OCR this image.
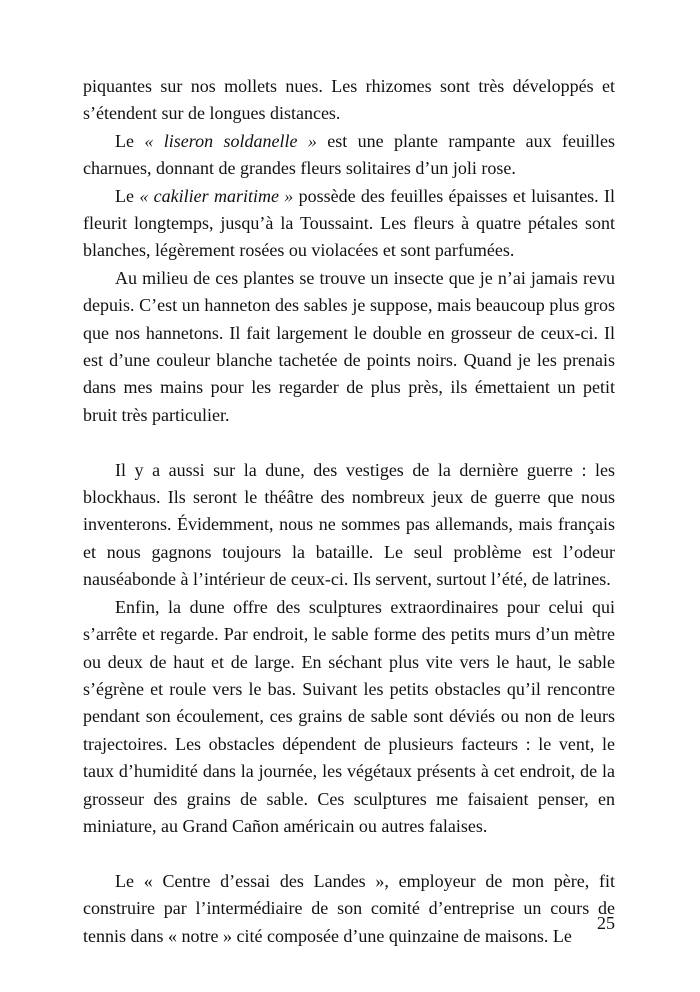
piquantes sur nos mollets nues. Les rhizomes sont très développés et s’étendent sur de longues distances.

Le « liseron soldanelle » est une plante rampante aux feuilles charnues, donnant de grandes fleurs solitaires d’un joli rose.

Le « cakilier maritime » possède des feuilles épaisses et luisantes. Il fleurit longtemps, jusqu’à la Toussaint. Les fleurs à quatre pétales sont blanches, légèrement rosées ou violacées et sont parfumées.

Au milieu de ces plantes se trouve un insecte que je n’ai jamais revu depuis. C’est un hanneton des sables je suppose, mais beaucoup plus gros que nos hannetons. Il fait largement le double en grosseur de ceux-ci. Il est d’une couleur blanche tachetée de points noirs. Quand je les prenais dans mes mains pour les regarder de plus près, ils émettaient un petit bruit très particulier.

Il y a aussi sur la dune, des vestiges de la dernière guerre : les blockhaus. Ils seront le théâtre des nombreux jeux de guerre que nous inventerons. Évidemment, nous ne sommes pas allemands, mais français et nous gagnons toujours la bataille. Le seul problème est l’odeur nauséabonde à l’intérieur de ceux-ci. Ils servent, surtout l’été, de latrines.

Enfin, la dune offre des sculptures extraordinaires pour celui qui s’arrête et regarde. Par endroit, le sable forme des petits murs d’un mètre ou deux de haut et de large. En séchant plus vite vers le haut, le sable s’égrène et roule vers le bas. Suivant les petits obstacles qu’il rencontre pendant son écoulement, ces grains de sable sont déviés ou non de leurs trajectoires. Les obstacles dépendent de plusieurs facteurs : le vent, le taux d’humidité dans la journée, les végétaux présents à cet endroit, de la grosseur des grains de sable. Ces sculptures me faisaient penser, en miniature, au Grand Cañon américain ou autres falaises.

Le « Centre d’essai des Landes », employeur de mon père, fit construire par l’intermédiaire de son comité d’entreprise un cours de tennis dans « notre » cité composée d’une quinzaine de maisons. Le

25
